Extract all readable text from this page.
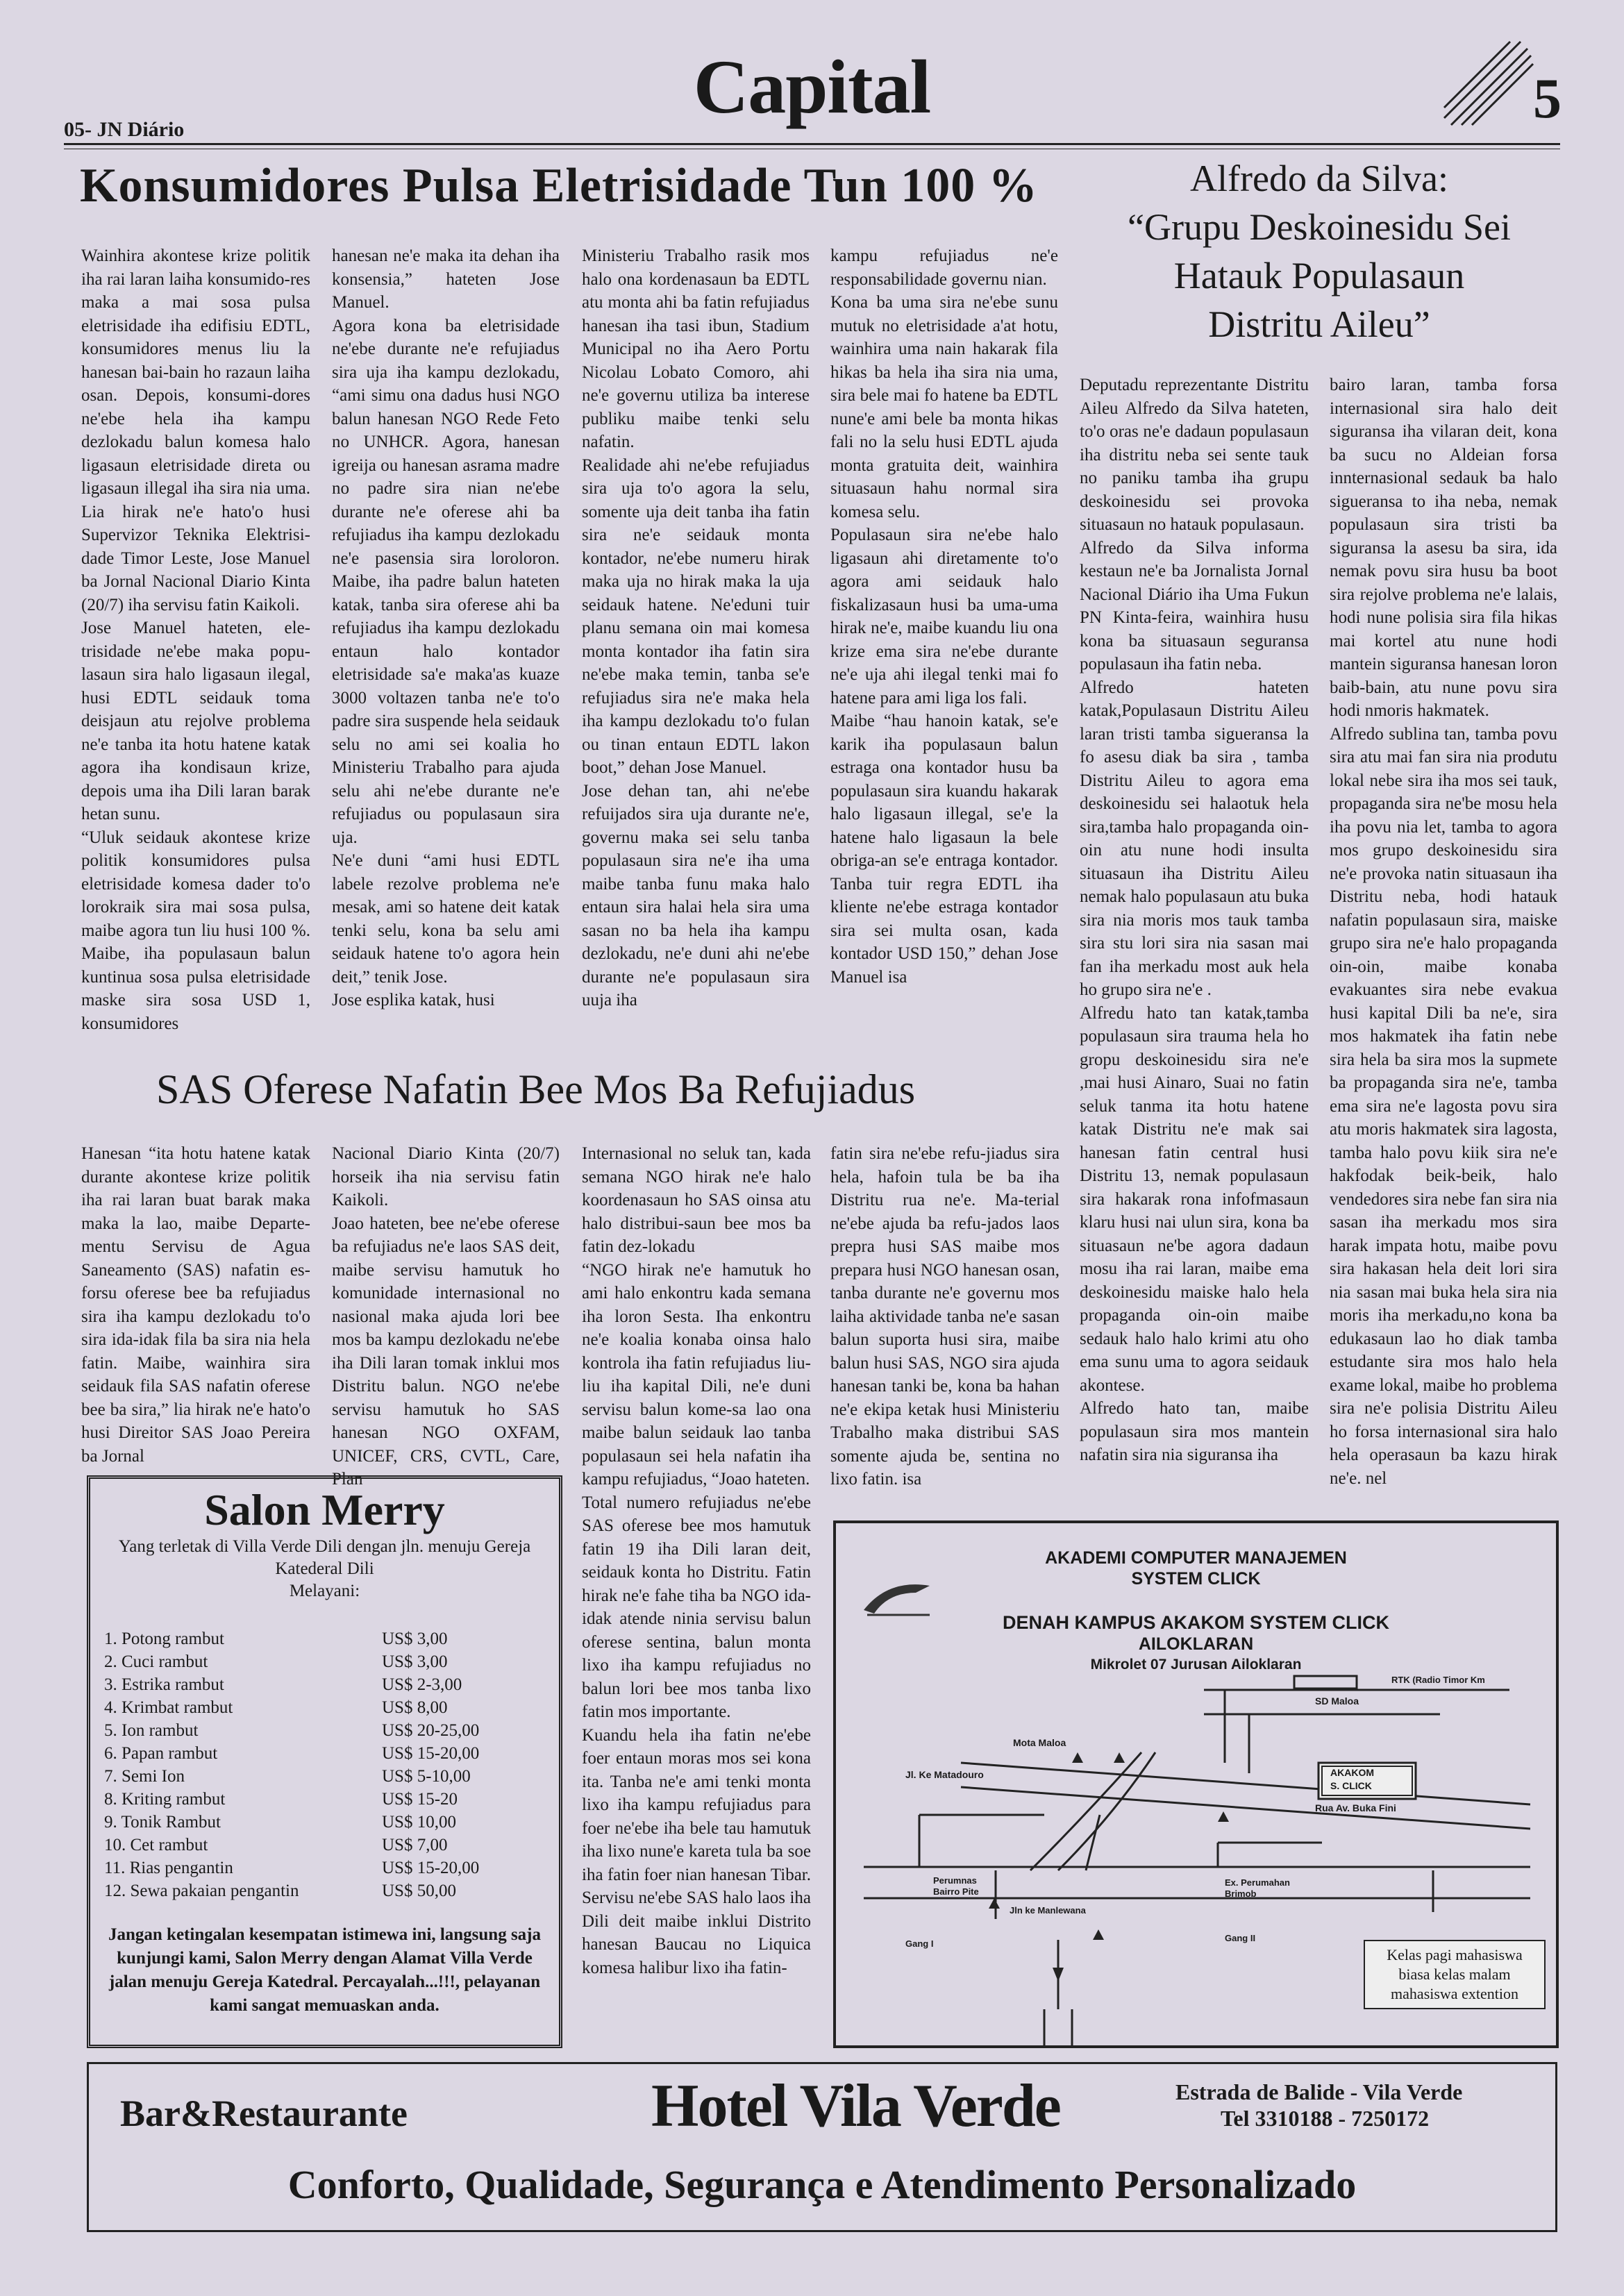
05- JN Diário
Capital	5
Konsumidores Pulsa Eletrisidade Tun 100 %

Wainhira akontese krize politik iha rai laran laiha konsumido-res maka a mai sosa pulsa eletrisidade iha edifisiu EDTL, konsumidores menus liu la hanesan bai-bain ho razaun laiha osan. Depois, konsumi-dores ne'ebe hela iha kampu dezlokadu balun komesa halo ligasaun eletrisidade direta ou ligasaun illegal iha sira nia uma. Lia hirak ne'e hato'o husi Supervizor Teknika Elektrisi-dade Timor Leste, Jose Manuel ba Jornal Nacional Diario Kinta (20/7) iha servisu fatin Kaikoli.
Jose Manuel hateten, ele-trisidade ne'ebe maka popu-lasaun sira halo ligasaun ilegal, husi EDTL seidauk toma deisjaun atu rejolve problema ne'e tanba ita hotu hatene katak agora iha kondisaun krize, depois uma iha Dili laran barak hetan sunu.
“Uluk seidauk akontese krize politik konsumidores pulsa eletrisidade komesa dader to'o lorokraik sira mai sosa pulsa, maibe agora tun liu husi 100 %. Maibe, iha populasaun balun kuntinua sosa pulsa eletrisidade maske sira sosa USD 1, konsumidores

hanesan ne'e maka ita dehan iha konsensia,” hateten Jose Manuel.
Agora kona ba eletrisidade ne'ebe durante ne'e refujiadus sira uja iha kampu dezlokadu, “ami simu ona dadus husi NGO balun hanesan NGO Rede Feto no UNHCR. Agora, hanesan igreija ou hanesan asrama madre no padre sira nian ne'ebe durante ne'e oferese ahi ba refujiadus iha kampu dezlokadu ne'e pasensia sira loroloron. Maibe, iha padre balun hateten katak, tanba sira oferese ahi ba refujiadus iha kampu dezlokadu entaun halo kontador eletrisidade sa'e maka'as kuaze 3000 voltazen tanba ne'e to'o padre sira suspende hela seidauk selu no ami sei koalia ho Ministeriu Trabalho para ajuda selu ahi ne'ebe durante ne'e refujiadus ou populasaun sira uja.
Ne'e duni “ami husi EDTL labele rezolve problema ne'e mesak, ami so hatene deit katak tenki selu, kona ba selu ami seidauk hatene to'o agora hein deit,” tenik Jose.
Jose esplika katak, husi

Ministeriu Trabalho rasik mos halo ona kordenasaun ba EDTL atu monta ahi ba fatin refujiadus hanesan iha tasi ibun, Stadium Municipal no iha Aero Portu Nicolau Lobato Comoro, ahi ne'e governu utiliza ba interese publiku maibe tenki selu nafatin.
Realidade ahi ne'ebe refujiadus sira uja to'o agora la selu, somente uja deit tanba iha fatin sira ne'e seidauk monta kontador, ne'ebe numeru hirak maka uja no hirak maka la uja seidauk hatene. Ne'eduni tuir planu semana oin mai komesa monta kontador iha fatin sira ne'ebe maka temin, tanba se'e refujiadus sira ne'e maka hela iha kampu dezlokadu to'o fulan ou tinan entaun EDTL lakon boot,” dehan Jose Manuel.
Jose dehan tan, ahi ne'ebe refuijados sira uja durante ne'e, governu maka sei selu tanba populasaun sira ne'e iha uma maibe tanba funu maka halo entaun sira halai hela sira uma sasan no ba hela iha kampu dezlokadu, ne'e duni ahi ne'ebe durante ne'e populasaun sira uuja iha

kampu refujiadus ne'e responsabilidade governu nian.
Kona ba uma sira ne'ebe sunu mutuk no eletrisidade a'at hotu, wainhira uma nain hakarak fila hikas ba hela iha sira nia uma, sira bele mai fo hatene ba EDTL nune'e ami bele ba monta hikas fali no la selu husi EDTL ajuda monta gratuita deit, wainhira situasaun hahu normal sira komesa selu.
Populasaun sira ne'ebe halo ligasaun ahi diretamente to'o agora ami seidauk halo fiskalizasaun husi ba uma-uma hirak ne'e, maibe kuandu liu ona krize ema sira ne'ebe durante ne'e uja ahi ilegal tenki mai fo hatene para ami liga los fali.
Maibe “hau hanoin katak, se'e karik iha populasaun balun estraga ona kontador husu ba populasaun sira kuandu hakarak halo ligasaun illegal, se'e la hatene halo ligasaun la bele obriga-an se'e entraga kontador. Tanba tuir regra EDTL iha kliente ne'ebe estraga kontador sira sei multa osan, kada kontador USD 150,” dehan Jose Manuel isa

Alfredo da Silva:
“Grupu Deskoinesidu Sei
Hatauk Populasaun
Distritu Aileu”

Deputadu reprezentante Distritu Aileu Alfredo da Silva hateten, to'o oras ne'e dadaun populasaun iha distritu neba sei sente tauk no paniku tamba iha grupu deskoinesidu sei provoka situasaun no hatauk populasaun.
Alfredo da Silva informa kestaun ne'e ba Jornalista Jornal Nacional Diário iha Uma Fukun PN Kinta-feira, wainhira husu kona ba situasaun seguransa populasaun iha fatin neba.
Alfredo hateten katak,Populasaun Distritu Aileu laran tristi tamba sigueransa la fo asesu diak ba sira , tamba Distritu Aileu to agora ema deskoinesidu sei halaotuk hela sira,tamba halo propaganda oin-oin atu nune hodi insulta situasaun iha Distritu Aileu nemak halo populasaun atu buka sira nia moris mos tauk tamba sira stu lori sira nia sasan mai fan iha merkadu most auk hela ho grupo sira ne'e .
Alfredu hato tan katak,tamba populasaun sira trauma hela ho gropu deskoinesidu sira ne'e ,mai husi Ainaro, Suai no fatin seluk tanma ita hotu hatene katak Distritu ne'e mak sai hanesan fatin central husi Distritu 13, nemak populasaun sira hakarak rona infofmasaun klaru husi nai ulun sira, kona ba situasaun ne'be agora dadaun mosu iha rai laran, maibe ema deskoinesidu maiske halo hela propaganda oin-oin maibe sedauk halo halo krimi atu oho ema sunu uma to agora seidauk akontese.
Alfredo hato tan, maibe populasaun sira mos mantein nafatin sira nia siguransa iha

bairo laran, tamba forsa internasional sira halo deit siguransa iha vilaran deit, kona ba sucu no Aldeian forsa innternasional sedauk ba halo sigueransa to iha neba, nemak populasaun sira tristi ba siguransa la asesu ba sira, ida nemak povu sira husu ba boot sira rejolve problema ne'e lalais, hodi nune polisia sira fila hikas mai kortel atu nune hodi mantein siguransa hanesan loron baib-bain, atu nune povu sira hodi nmoris hakmatek.
Alfredo sublina tan, tamba povu sira atu mai fan sira nia produtu lokal nebe sira iha mos sei tauk, propaganda sira ne'be mosu hela iha povu nia let, tamba to agora mos grupo deskoinesidu sira ne'e provoka natin situasaun iha Distritu neba, hodi hatauk nafatin populasaun sira, maiske grupo sira ne'e halo propaganda oin-oin, maibe konaba evakuantes sira nebe evakua husi kapital Dili ba ne'e, sira mos hakmatek iha fatin nebe sira hela ba sira mos la supmete ba propaganda sira ne'e, tamba ema sira ne'e lagosta povu sira atu moris hakmatek sira lagosta, tamba halo povu kiik sira ne'e hakfodak beik-beik, halo vendedores sira nebe fan sira nia sasan iha merkadu mos sira harak impata hotu, maibe povu sira hakasan hela deit lori sira nia sasan mai buka hela sira nia moris iha merkadu,no kona ba edukasaun lao ho diak tamba estudante sira mos halo hela exame lokal, maibe ho problema sira ne'e polisia Distritu Aileu ho forsa internasional sira halo hela operasaun ba kazu hirak ne'e. nel

SAS Oferese Nafatin Bee Mos Ba Refujiadus

Hanesan “ita hotu hatene katak durante akontese krize politik iha rai laran buat barak maka maka la lao, maibe Departe-mentu Servisu de Agua Saneamento (SAS) nafatin es-forsu oferese bee ba refujiadus sira iha kampu dezlokadu to'o sira ida-idak fila ba sira nia hela fatin. Maibe, wainhira sira seidauk fila SAS nafatin oferese bee ba sira,” lia hirak ne'e hato'o husi Direitor SAS Joao Pereira ba Jornal

Nacional Diario Kinta (20/7) horseik iha nia servisu fatin Kaikoli.
Joao hateten, bee ne'ebe oferese ba refujiadus ne'e laos SAS deit, maibe servisu hamutuk ho komunidade internasional no nasional maka ajuda lori bee mos ba kampu dezlokadu ne'ebe iha Dili laran tomak inklui mos Distritu balun. NGO ne'ebe servisu hamutuk ho SAS hanesan NGO OXFAM, UNICEF, CRS, CVTL, Care, Plan

Internasional no seluk tan, kada semana NGO hirak ne'e halo koordenasaun ho SAS oinsa atu halo distribui-saun bee mos ba fatin dez-lokadu
“NGO hirak ne'e hamutuk ho ami halo enkontru kada semana iha loron Sesta. Iha enkontru ne'e koalia konaba oinsa halo kontrola iha fatin refujiadus liu-liu iha kapital Dili, ne'e duni servisu balun kome-sa lao ona maibe balun seidauk lao tanba populasaun sei hela nafatin iha kampu refujiadus, “Joao hateten.
Total numero refujiadus ne'ebe SAS oferese bee mos hamutuk fatin 19 iha Dili laran deit, seidauk konta ho Distritu. Fatin hirak ne'e fahe tiha ba NGO ida-idak atende ninia servisu balun oferese sentina, balun monta lixo iha kampu refujiadus no balun lori bee mos tanba lixo fatin mos importante.
Kuandu hela iha fatin ne'ebe foer entaun moras mos sei kona ita. Tanba ne'e ami tenki monta lixo iha kampu refujiadus para foer ne'ebe iha bele tau hamutuk iha lixo nune'e kareta tula ba soe iha fatin foer nian hanesan Tibar. Servisu ne'ebe SAS halo laos iha Dili deit maibe inklui Distrito hanesan Baucau no Liquica komesa halibur lixo iha fatin-

fatin sira ne'ebe refu-jiadus sira hela, hafoin tula be ba iha Distritu rua ne'e. Ma-terial ne'ebe ajuda ba refu-jados laos prepra husi SAS maibe mos prepara husi NGO hanesan osan, tanba durante ne'e governu mos laiha aktividade tanba ne'e sasan balun suporta husi sira, maibe balun husi SAS, NGO sira ajuda hanesan tanki be, kona ba hahan ne'e ekipa ketak husi Ministeriu Trabalho maka distribui SAS somente ajuda be, sentina no lixo fatin. isa

Salon Merry
Yang terletak di Villa Verde Dili dengan jln. menuju Gereja Katederal Dili
Melayani:
1. Potong rambut	US$ 3,00
2. Cuci rambut	US$ 3,00
3. Estrika rambut	US$ 2-3,00
4. Krimbat rambut	US$ 8,00
5. Ion rambut	US$ 20-25,00
6. Papan rambut	US$ 15-20,00
7. Semi Ion	US$ 5-10,00
8. Kriting rambut	US$ 15-20
9. Tonik Rambut	US$ 10,00
10. Cet rambut	US$ 7,00
11. Rias pengantin	US$ 15-20,00
12. Sewa pakaian pengantin	US$ 50,00
Jangan ketingalan kesempatan istimewa ini, langsung saja kunjungi kami, Salon Merry dengan Alamat Villa Verde jalan menuju Gereja Katedral. Percayalah...!!!, pelayanan kami sangat memuaskan anda.
AKADEMI COMPUTER MANAJEMEN
SYSTEM CLICK
DENAH KAMPUS AKAKOM SYSTEM CLICK
AILOKLARAN
Mikrolet 07 Jurusan Ailoklaran
RTK (Radio Timor Km
SD Maloa
Mota Maloa
Jl. Ke Matadouro	AKAKOM
S. CLICK
Rua Av. Buka Fini
Perumnas
Bairro Pite
Ex. Perumahan
Brimob
Jln ke Manlewana
Gang I
Gang II
Kelas pagi mahasiswa biasa kelas malam mahasiswa extention
Bar&Restaurante	Hotel Vila Verde	Estrada de Balide - Vila Verde
Tel 3310188 - 7250172
Conforto, Qualidade, Segurança e Atendimento Personalizado
